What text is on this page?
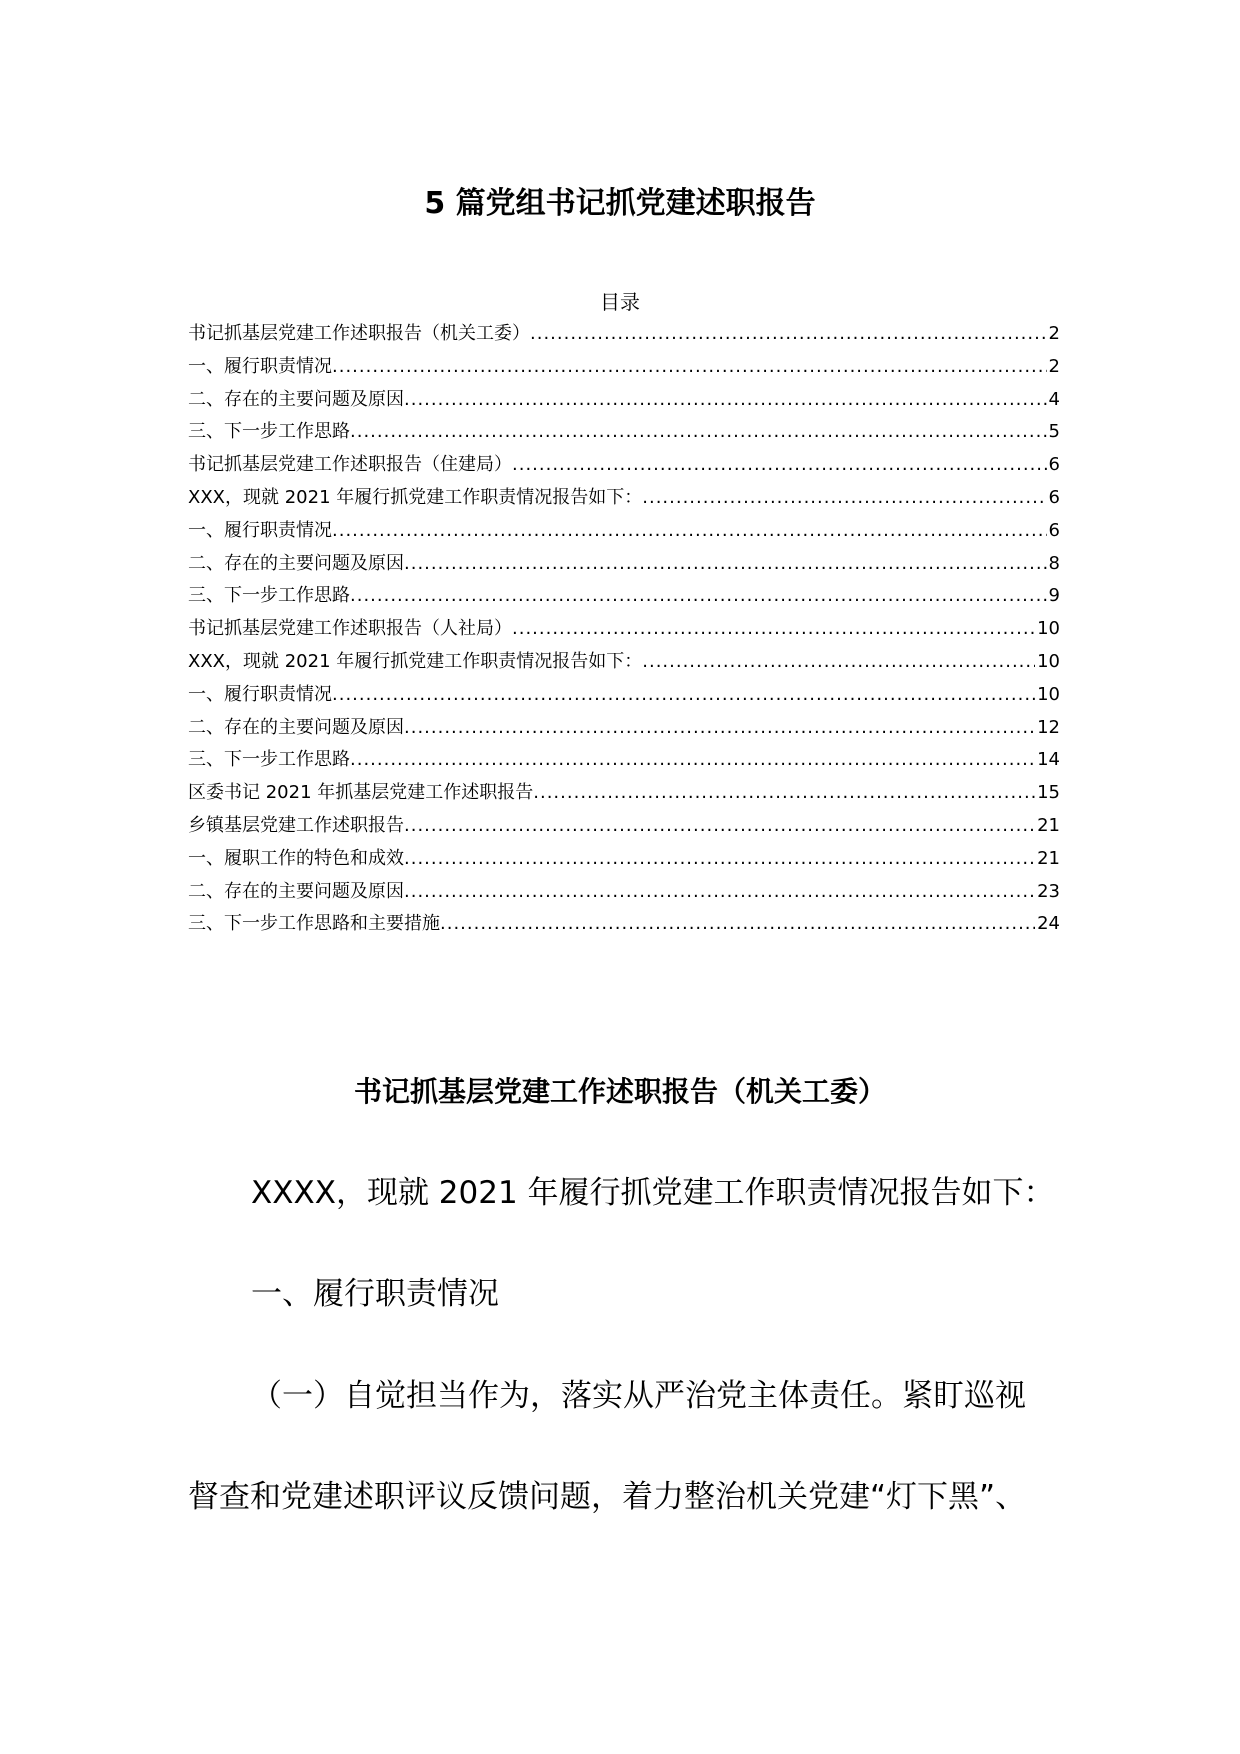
5 篇党组书记抓党建述职报告
目录
书记抓基层党建工作述职报告（机关工委） .....	2
一、履行职责情况 .....	2
二、存在的主要问题及原因 .....	4
三、下一步工作思路 .....	5
书记抓基层党建工作述职报告（住建局） .....	6
XXX，现就 2021 年履行抓党建工作职责情况报告如下： .....	6
一、履行职责情况 .....	6
二、存在的主要问题及原因 .....	8
三、下一步工作思路 .....	9
书记抓基层党建工作述职报告（人社局） .....	10
XXX，现就 2021 年履行抓党建工作职责情况报告如下： .....	10
一、履行职责情况 .....	10
二、存在的主要问题及原因 .....	12
三、下一步工作思路 .....	14
区委书记 2021 年抓基层党建工作述职报告 .....	15
乡镇基层党建工作述职报告 .....	21
一、履职工作的特色和成效 .....	21
二、存在的主要问题及原因 .....	23
三、下一步工作思路和主要措施 .....	24
书记抓基层党建工作述职报告（机关工委）

XXXX，现就 2021 年履行抓党建工作职责情况报告如下：

一、履行职责情况

（一）自觉担当作为，落实从严治党主体责任。紧盯巡视

督查和党建述职评议反馈问题，着力整治机关党建“灯下黑”、
